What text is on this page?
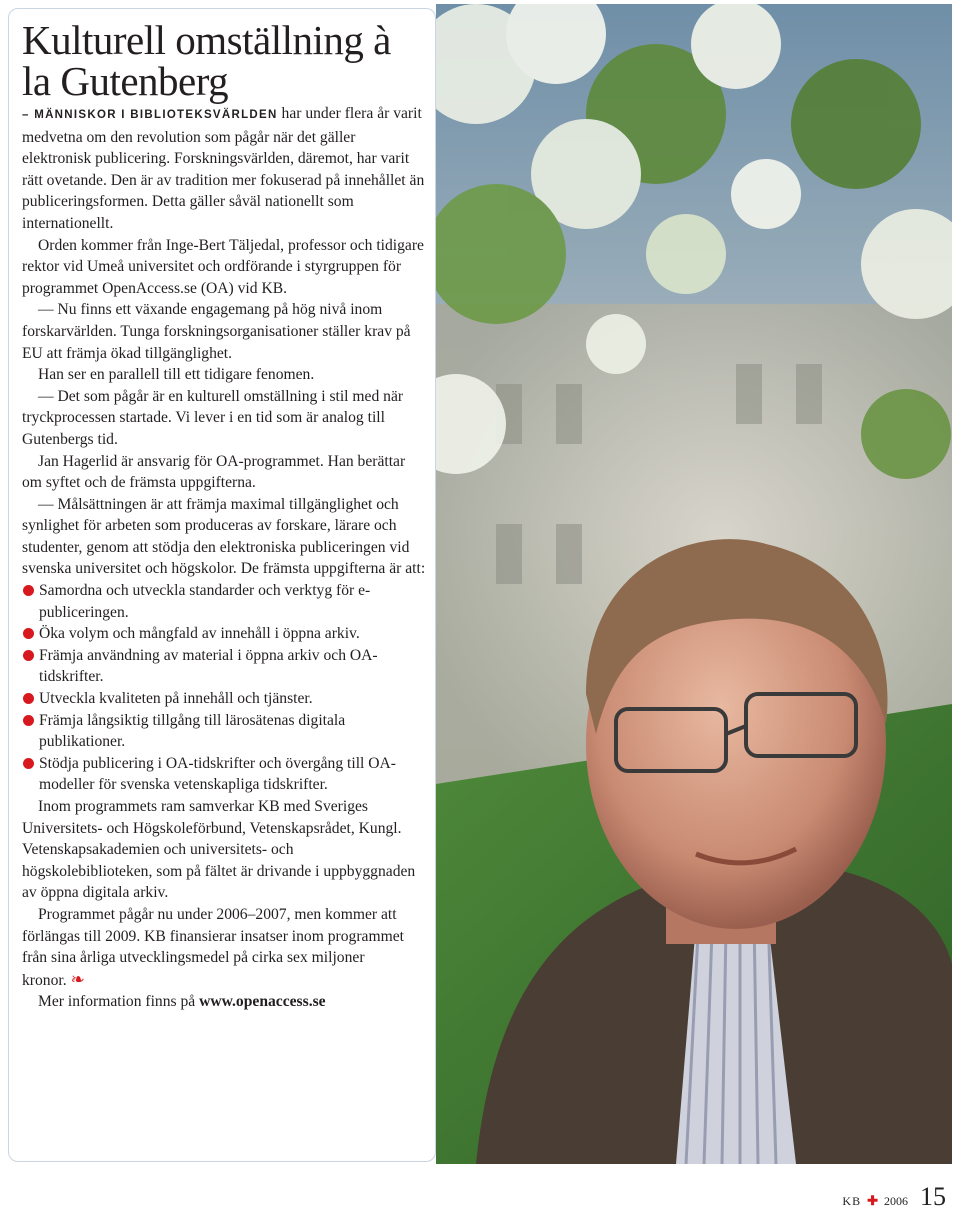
Kulturell omställning à
la Gutenberg

– MÄNNISKOR I BIBLIOTEKSVÄRLDEN har under flera år varit medvetna om den revolution som pågår när det gäller elektronisk publicering. Forskningsvärlden, däremot, har varit rätt ovetande. Den är av tradition mer fokuserad på innehållet än publiceringsformen. Detta gäller såväl nationellt som internationellt.

Orden kommer från Inge-Bert Täljedal, professor och tidigare rektor vid Umeå universitet och ordförande i styrgruppen för programmet OpenAccess.se (OA) vid KB.

— Nu finns ett växande engagemang på hög nivå inom forskarvärlden. Tunga forskningsorganisationer ställer krav på EU att främja ökad tillgänglighet.

Han ser en parallell till ett tidigare fenomen.

— Det som pågår är en kulturell omställning i stil med när tryckprocessen startade. Vi lever i en tid som är analog till Gutenbergs tid.

Jan Hagerlid är ansvarig för OA-programmet. Han berättar om syftet och de främsta uppgifterna.

— Målsättningen är att främja maximal tillgänglighet och synlighet för arbeten som produceras av forskare, lärare och studenter, genom att stödja den elektroniska publiceringen vid svenska universitet och högskolor. De främsta uppgifterna är att:

Samordna och utveckla standarder och verktyg för e-publiceringen.

Öka volym och mångfald av innehåll i öppna arkiv.

Främja användning av material i öppna arkiv och OA-tidskrifter.

Utveckla kvaliteten på innehåll och tjänster.

Främja långsiktig tillgång till lärosätenas digitala publikationer.

Stödja publicering i OA-tidskrifter och övergång till OA-modeller för svenska vetenskapliga tidskrifter.

Inom programmets ram samverkar KB med Sveriges Universitets- och Högskoleförbund, Vetenskapsrådet, Kungl. Vetenskapsakademien och universitets- och högskolebiblioteken, som på fältet är drivande i uppbyggnaden av öppna digitala arkiv.

Programmet pågår nu under 2006–2007, men kommer att förlängas till 2009. KB finansierar insatser inom programmet från sina årliga utvecklingsmedel på cirka sex miljoner kronor. ❧

Mer information finns på www.openaccess.se

KB ✚ 2006 15
